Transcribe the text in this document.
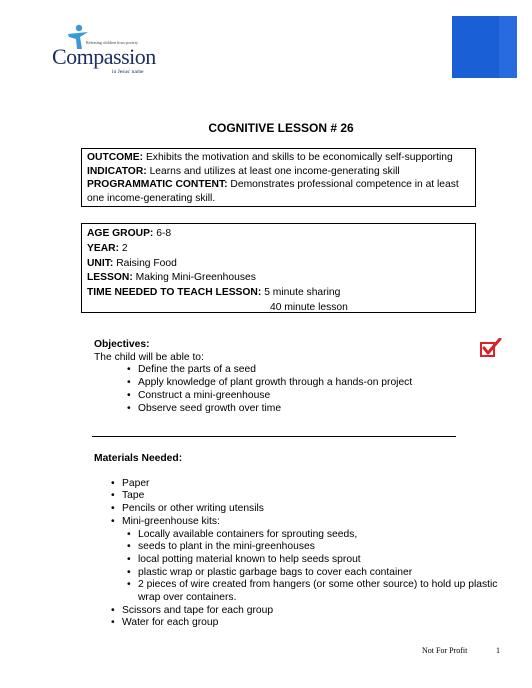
Releasing children from poverty
Compassion
in Jesus' name
COGNITIVE LESSON # 26
OUTCOME: Exhibits the motivation and skills to be economically self-supporting
INDICATOR: Learns and utilizes at least one income-generating skill
PROGRAMMATIC CONTENT: Demonstrates professional competence in at least one income-generating skill.
AGE GROUP: 6-8
YEAR: 2
UNIT: Raising Food
LESSON: Making Mini-Greenhouses
TIME NEEDED TO TEACH LESSON: 5 minute sharing
40 minute lesson
Objectives:
The child will be able to:
• Define the parts of a seed
• Apply knowledge of plant growth through a hands-on project
• Construct a mini-greenhouse
• Observe seed growth over time
Materials Needed:
• Paper
• Tape
• Pencils or other writing utensils
• Mini-greenhouse kits:
• Locally available containers for sprouting seeds,
• seeds to plant in the mini-greenhouses
• local potting material known to help seeds sprout
• plastic wrap or plastic garbage bags to cover each container
• 2 pieces of wire created from hangers (or some other source) to hold up plastic wrap over containers.
• Scissors and tape for each group
• Water for each group
Not For Profit	1
